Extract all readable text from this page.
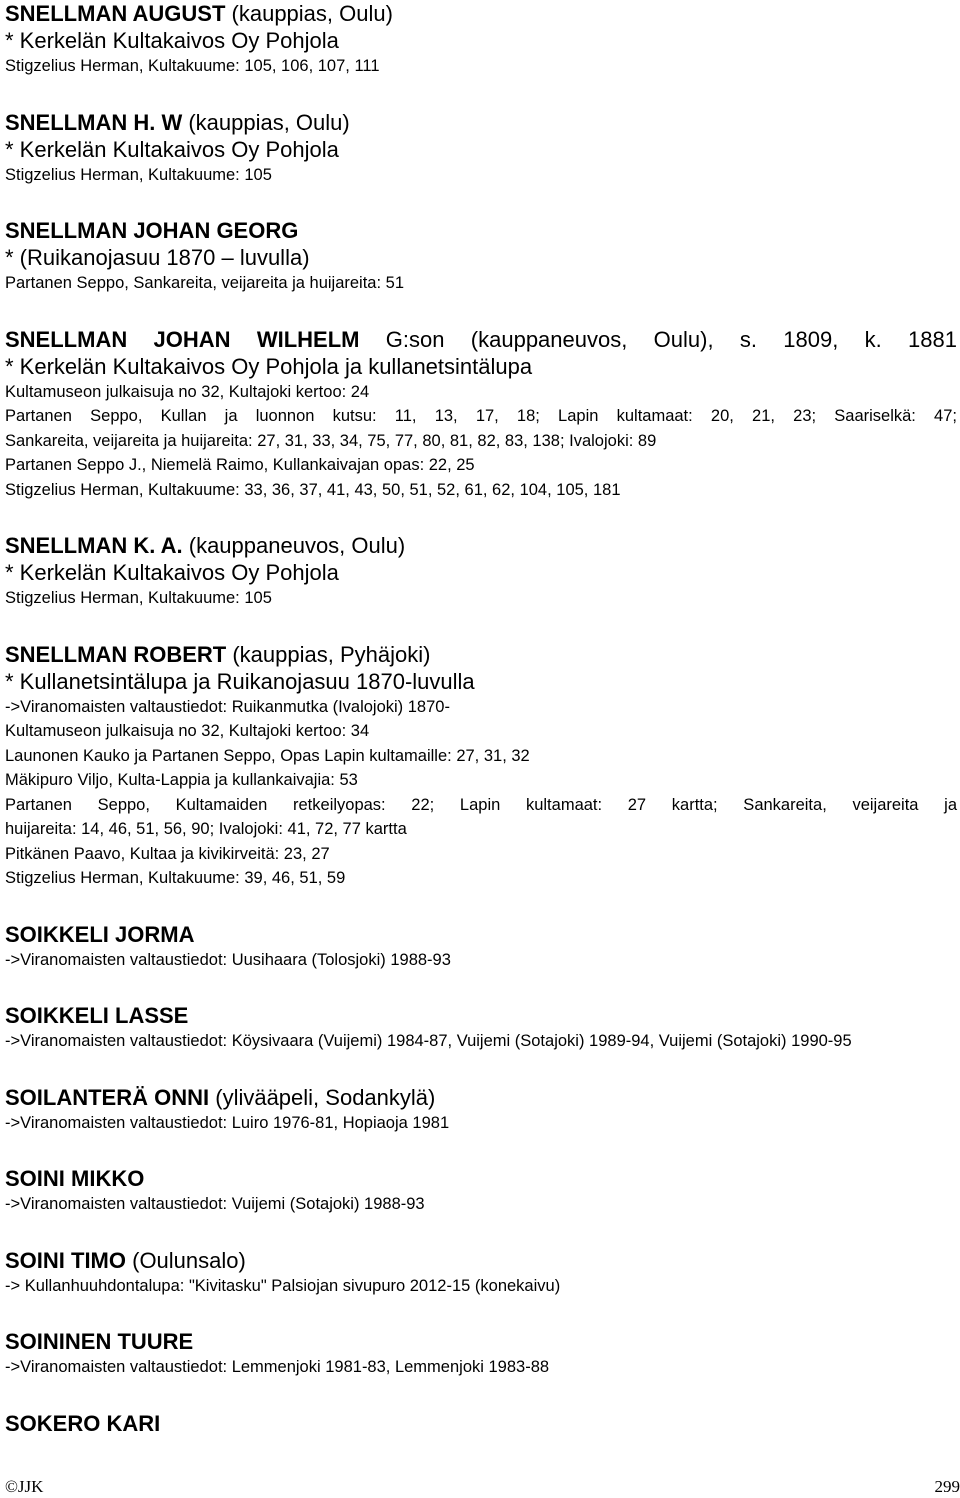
SNELLMAN AUGUST (kauppias, Oulu)
* Kerkelän Kultakaivos Oy Pohjola
Stigzelius Herman, Kultakuume: 105, 106, 107, 111
SNELLMAN H. W (kauppias, Oulu)
* Kerkelän Kultakaivos Oy Pohjola
Stigzelius Herman, Kultakuume: 105
SNELLMAN JOHAN GEORG
* (Ruikanojasuu 1870 – luvulla)
Partanen Seppo, Sankareita, veijareita ja huijareita: 51
SNELLMAN JOHAN WILHELM G:son (kauppaneuvos, Oulu), s. 1809, k. 1881
* Kerkelän Kultakaivos Oy Pohjola ja kullanetsintälupa
Kultamuseon julkaisuja no 32, Kultajoki kertoo: 24
Partanen Seppo, Kullan ja luonnon kutsu: 11, 13, 17, 18; Lapin kultamaat: 20, 21, 23; Saariselkä: 47;
Sankareita, veijareita ja huijareita: 27, 31, 33, 34, 75, 77, 80, 81, 82, 83, 138; Ivalojoki: 89
Partanen Seppo J., Niemelä Raimo, Kullankaivajan opas: 22, 25
Stigzelius Herman, Kultakuume: 33, 36, 37, 41, 43, 50, 51, 52, 61, 62, 104, 105, 181
SNELLMAN K. A. (kauppaneuvos, Oulu)
* Kerkelän Kultakaivos Oy Pohjola
Stigzelius Herman, Kultakuume: 105
SNELLMAN ROBERT (kauppias, Pyhäjoki)
* Kullanetsintälupa ja Ruikanojasuu 1870-luvulla
->Viranomaisten valtaustiedot: Ruikanmutka (Ivalojoki) 1870-
Kultamuseon julkaisuja no 32, Kultajoki kertoo: 34
Launonen Kauko ja Partanen Seppo, Opas Lapin kultamaille: 27, 31, 32
Mäkipuro Viljo, Kulta-Lappia ja kullankaivajia: 53
Partanen Seppo, Kultamaiden retkeilyopas: 22; Lapin kultamaat: 27 kartta; Sankareita, veijareita ja
huijareita: 14, 46, 51, 56, 90; Ivalojoki: 41, 72, 77 kartta
Pitkänen Paavo, Kultaa ja kivikirveitä: 23, 27
Stigzelius Herman, Kultakuume: 39, 46, 51, 59
SOIKKELI JORMA
->Viranomaisten valtaustiedot: Uusihaara (Tolosjoki) 1988-93
SOIKKELI LASSE
->Viranomaisten valtaustiedot: Köysivaara (Vuijemi) 1984-87, Vuijemi (Sotajoki) 1989-94, Vuijemi (Sotajoki) 1990-95
SOILANTERÄ ONNI (ylivääpeli, Sodankylä)
->Viranomaisten valtaustiedot: Luiro 1976-81, Hopiaoja 1981
SOINI MIKKO
->Viranomaisten valtaustiedot: Vuijemi (Sotajoki) 1988-93
SOINI TIMO (Oulunsalo)
-> Kullanhuuhdontalupa: "Kivitasku" Palsiojan sivupuro 2012-15 (konekaivu)
SOININEN TUURE
->Viranomaisten valtaustiedot: Lemmenjoki 1981-83, Lemmenjoki 1983-88
SOKERO KARI
©JJK	299
